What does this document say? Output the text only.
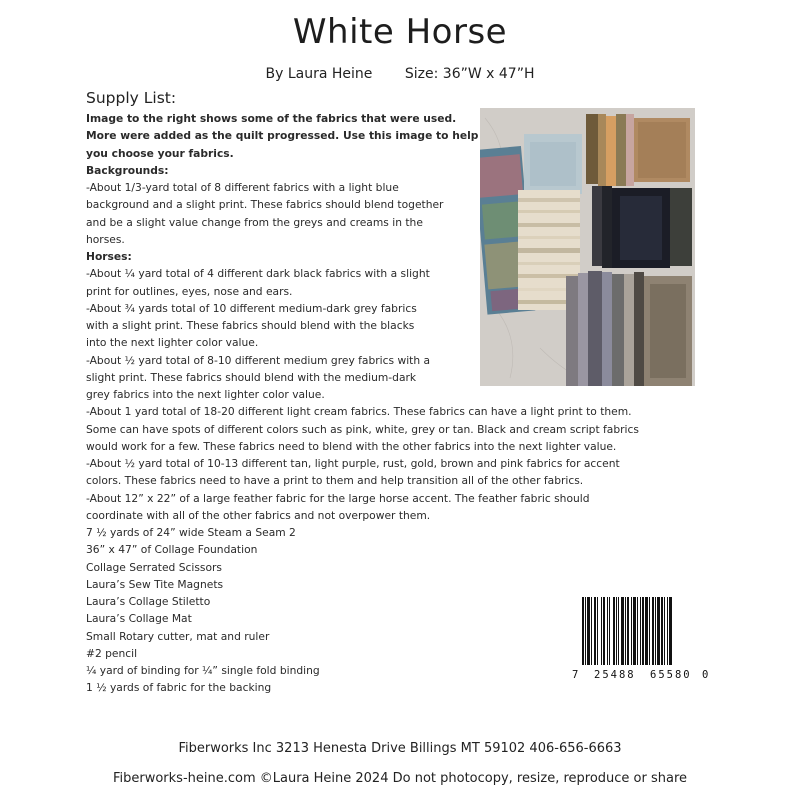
White Horse
By Laura Heine Size: 36”W x 47”H
Supply List:
Image to the right shows some of the fabrics that were used.
More were added as the quilt progressed. Use this image to help
you choose your fabrics.
Backgrounds:
-About 1/3-yard total of 8 different fabrics with a light blue
background and a slight print. These fabrics should blend together
and be a slight value change from the greys and creams in the
horses.
Horses:
-About ¼ yard total of 4 different dark black fabrics with a slight
print for outlines, eyes, nose and ears.
-About ¾ yards total of 10 different medium-dark grey fabrics
with a slight print. These fabrics should blend with the blacks
into the next lighter color value.
-About ½ yard total of 8-10 different medium grey fabrics with a
slight print. These fabrics should blend with the medium-dark
grey fabrics into the next lighter color value.
-About 1 yard total of 18-20 different light cream fabrics. These fabrics can have a light print to them.
Some can have spots of different colors such as pink, white, grey or tan. Black and cream script fabrics
would work for a few. These fabrics need to blend with the other fabrics into the next lighter value.
-About ½ yard total of 10-13 different tan, light purple, rust, gold, brown and pink fabrics for accent
colors. These fabrics need to have a print to them and help transition all of the other fabrics.
-About 12” x 22” of a large feather fabric for the large horse accent. The feather fabric should
coordinate with all of the other fabrics and not overpower them.
7 ½ yards of 24” wide Steam a Seam 2
36” x 47” of Collage Foundation
Collage Serrated Scissors
Laura’s Sew Tite Magnets
Laura’s Collage Stiletto
Laura’s Collage Mat
Small Rotary cutter, mat and ruler
#2 pencil
¼ yard of binding for ¼” single fold binding
1 ½ yards of fabric for the backing
7 25488 65580 0
Fiberworks Inc 3213 Henesta Drive Billings MT 59102 406-656-6663
Fiberworks-heine.com ©Laura Heine 2024 Do not photocopy, resize, reproduce or share
